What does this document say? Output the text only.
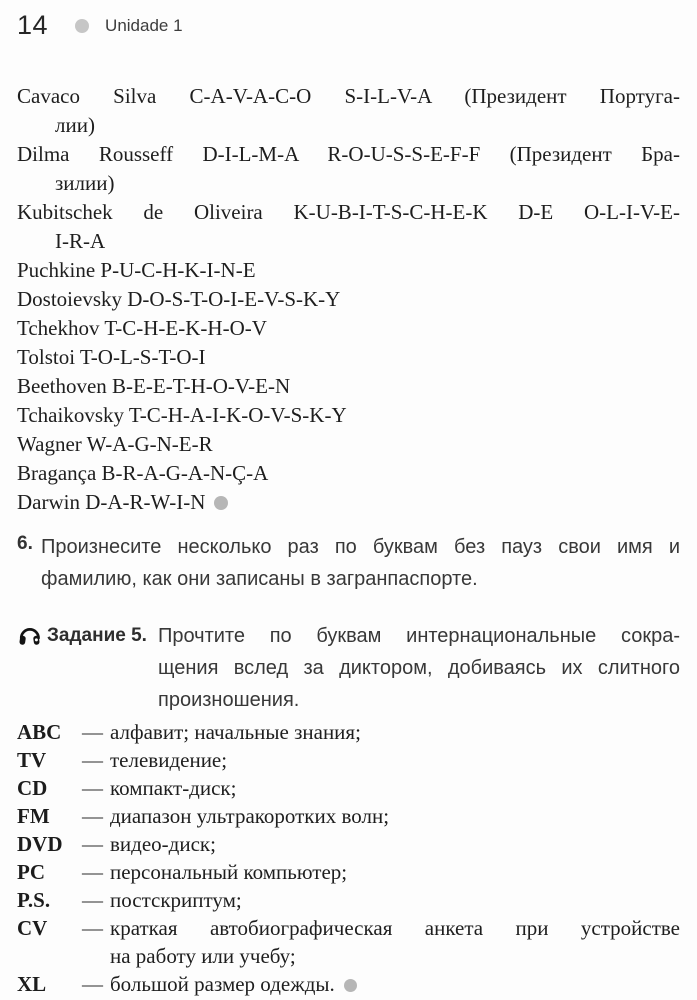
14	Unidade 1
Cavaco Silva C-A-V-A-C-O S-I-L-V-A (Президент Португа-
лии)
Dilma Rousseff D-I-L-M-A R-O-U-S-S-E-F-F (Президент Бра-
зилии)
Kubitschek de Oliveira K-U-B-I-T-S-C-H-E-K D-E O-L-I-V-E-
I-R-A
Puchkine P-U-C-H-K-I-N-E
Dostoievsky D-O-S-T-O-I-E-V-S-K-Y
Tchekhov T-C-H-E-K-H-O-V
Tolstoi T-O-L-S-T-O-I
Beethoven B-E-E-T-H-O-V-E-N
Tchaikovsky T-C-H-A-I-K-O-V-S-K-Y
Wagner W-A-G-N-E-R
Bragança B-R-A-G-A-N-Ç-A
Darwin D-A-R-W-I-N
6. Произнесите несколько раз по буквам без пауз свои имя и
фамилию, как они записаны в загранпаспорте.
Задание 5. Прочтите по буквам интернациональные сокра-
щения вслед за диктором, добиваясь их слитного
произношения.
ABC — алфавит; начальные знания;
TV	— телевидение;
CD	— компакт-диск;
FM	— диапазон ультракоротких волн;
DVD — видео-диск;
PC	— персональный компьютер;
P.S.	— постскриптум;
CV	— краткая автобиографическая анкета при устройстве
на работу или учебу;
XL	— большой размер одежды.
